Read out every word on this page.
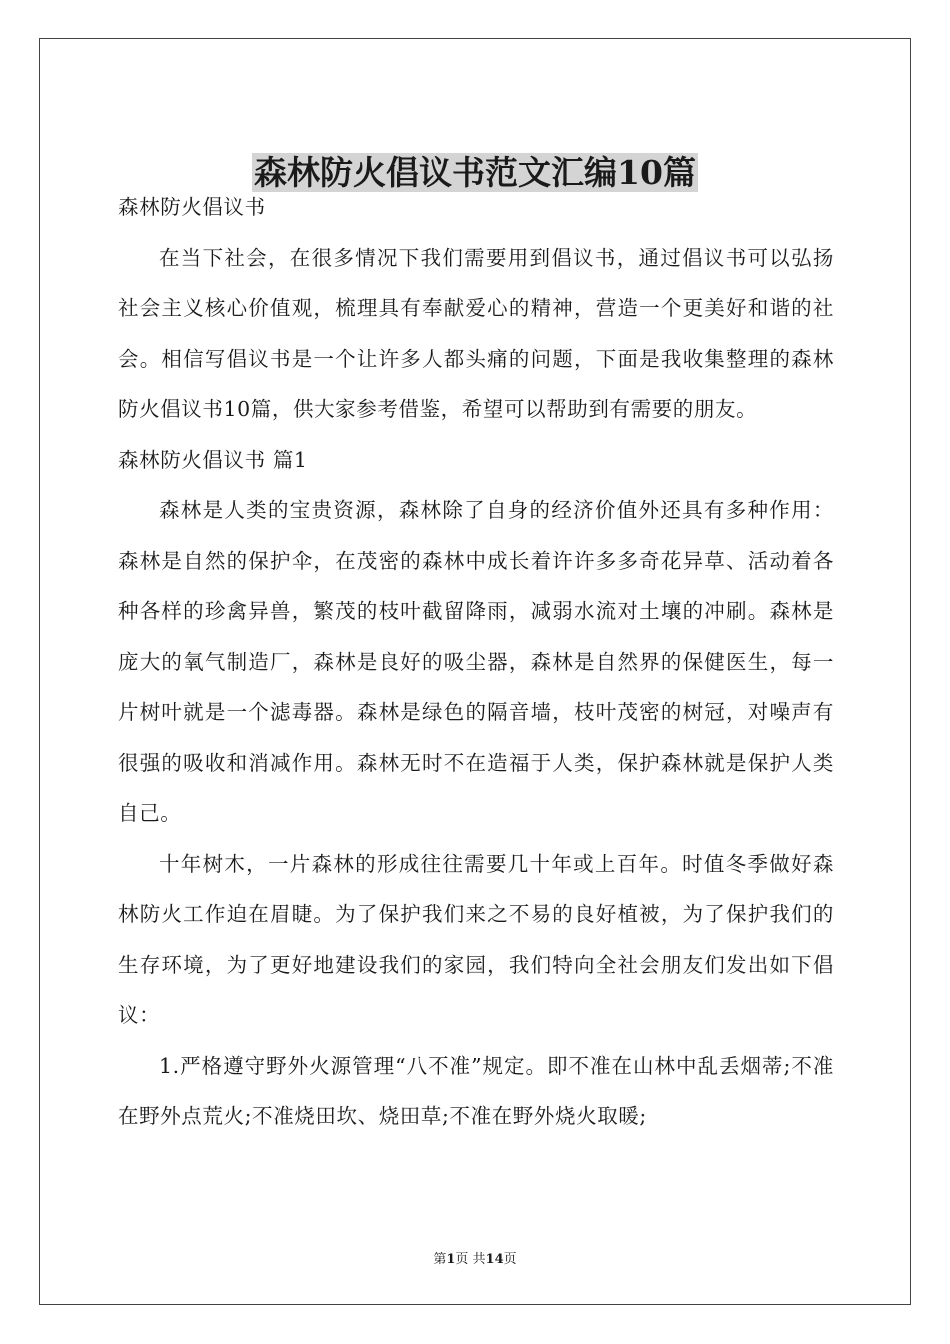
森林防火倡议书范文汇编10篇

森林防火倡议书

在当下社会，在很多情况下我们需要用到倡议书，通过倡议书可以弘扬社会主义核心价值观，梳理具有奉献爱心的精神，营造一个更美好和谐的社会。相信写倡议书是一个让许多人都头痛的问题，下面是我收集整理的森林防火倡议书10篇，供大家参考借鉴，希望可以帮助到有需要的朋友。

森林防火倡议书 篇1

森林是人类的宝贵资源，森林除了自身的经济价值外还具有多种作用：森林是自然的保护伞，在茂密的森林中成长着许许多多奇花异草、活动着各种各样的珍禽异兽，繁茂的枝叶截留降雨，减弱水流对土壤的冲刷。森林是庞大的氧气制造厂，森林是良好的吸尘器，森林是自然界的保健医生，每一片树叶就是一个滤毒器。森林是绿色的隔音墙，枝叶茂密的树冠，对噪声有很强的吸收和消减作用。森林无时不在造福于人类，保护森林就是保护人类自己。

十年树木，一片森林的形成往往需要几十年或上百年。时值冬季做好森林防火工作迫在眉睫。为了保护我们来之不易的良好植被，为了保护我们的生存环境，为了更好地建设我们的家园，我们特向全社会朋友们发出如下倡议：

1.严格遵守野外火源管理“八不准”规定。即不准在山林中乱丢烟蒂;不准在野外点荒火;不准烧田坎、烧田草;不准在野外烧火取暖;

第1页 共14页
